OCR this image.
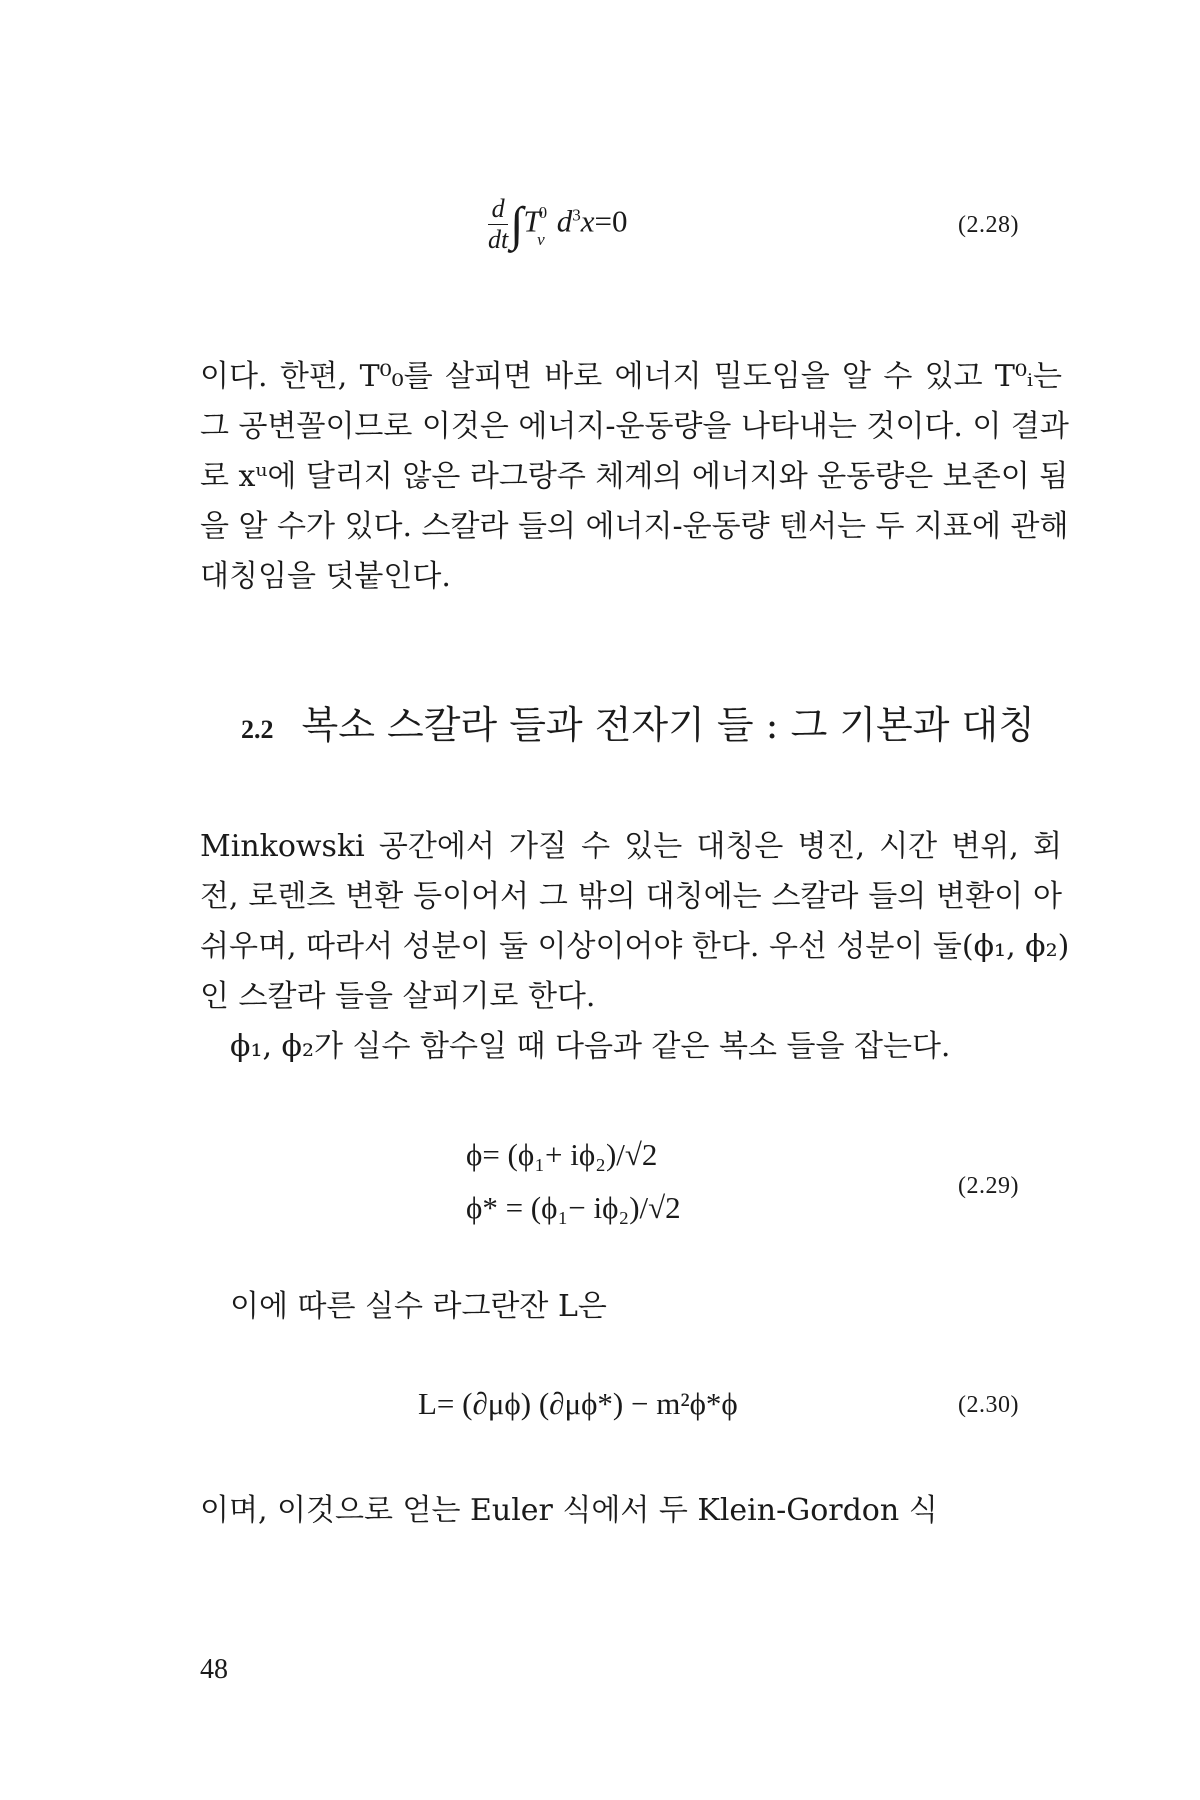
$\frac{d}{dt} \int T^0_\nu d^3x=0$	(2.28)
이다. 한편, T⁰₀를 살피면 바로 에너지 밀도임을 알 수 있고 T⁰ᵢ는
그 공변꼴이므로 이것은 에너지-운동량을 나타내는 것이다. 이 결과
로 xᵘ에 달리지 않은 라그랑주 체계의 에너지와 운동량은 보존이 됨
을 알 수가 있다. 스칼라 들의 에너지-운동량 텐서는 두 지표에 관해
대칭임을 덧붙인다.
2.2 복소 스칼라 들과 전자기 들 : 그 기본과 대칭
Minkowski 공간에서 가질 수 있는 대칭은 병진, 시간 변위, 회
전, 로렌츠 변환 등이어서 그 밖의 대칭에는 스칼라 들의 변환이 아
쉬우며, 따라서 성분이 둘 이상이어야 한다. 우선 성분이 둘(ϕ₁, ϕ₂)
인 스칼라 들을 살피기로 한다.
ϕ₁, ϕ₂가 실수 함수일 때 다음과 같은 복소 들을 잡는다.
ϕ= (ϕ₁+ iϕ₂)/√2
ϕ* = (ϕ₁− iϕ₂)/√2
(2.29)
이에 따른 실수 라그란잔 L은
L= (∂μϕ) (∂μϕ*) − m²ϕ*ϕ	(2.30)
이며, 이것으로 얻는 Euler 식에서 두 Klein-Gordon 식
48
